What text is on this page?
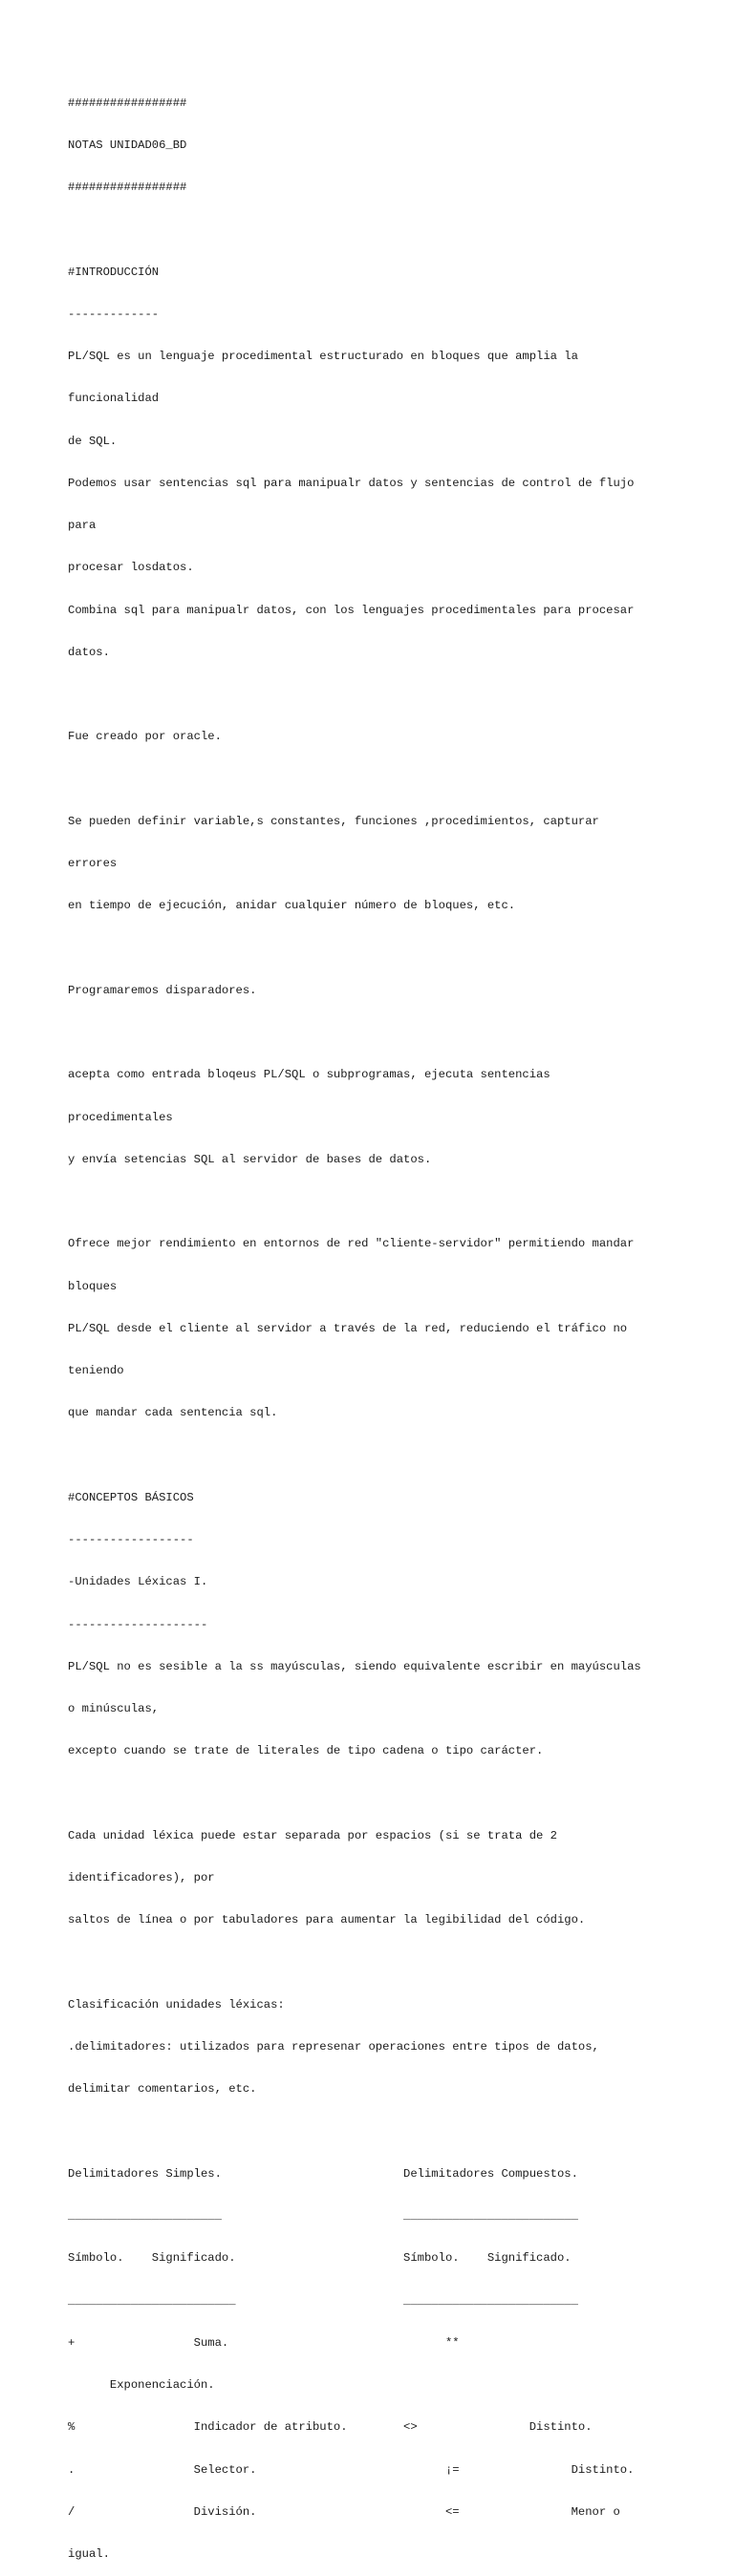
#################

NOTAS UNIDAD06_BD

#################

#INTRODUCCIÓN

-------------

PL/SQL es un lenguaje procedimental estructurado en bloques que amplia la

funcionalidad

de SQL.

Podemos usar sentencias sql para manipualr datos y sentencias de control de flujo

para

procesar losdatos.

Combina sql para manipualr datos, con los lenguajes procedimentales para procesar

datos.

Fue creado por oracle.

Se pueden definir variable,s constantes, funciones ,procedimientos, capturar

errores

en tiempo de ejecución, anidar cualquier número de bloques, etc.

Programaremos disparadores.

acepta como entrada bloqeus PL/SQL o subprogramas, ejecuta sentencias

procedimentales

y envía setencias SQL al servidor de bases de datos.

Ofrece mejor rendimiento en entornos de red "cliente-servidor" permitiendo mandar

bloques

PL/SQL desde el cliente al servidor a través de la red, reduciendo el tráfico no

teniendo

que mandar cada sentencia sql.

#CONCEPTOS BÁSICOS

------------------

-Unidades Léxicas I.

--------------------

PL/SQL no es sesible a la ss mayúsculas, siendo equivalente escribir en mayúsculas

o minúsculas,

excepto cuando se trate de literales de tipo cadena o tipo carácter.

Cada unidad léxica puede estar separada por espacios (si se trata de 2

identificadores), por

saltos de línea o por tabuladores para aumentar la legibilidad del código.

Clasificación unidades léxicas:

.delimitadores: utilizados para represenar operaciones entre tipos de datos,

delimitar comentarios, etc.

Delimitadores Simples.                          Delimitadores Compuestos.

______________________                          _________________________

Símbolo.    Significado.                        Símbolo.    Significado.

________________________                        _________________________

+                 Suma.                               **

Exponenciación.

%                 Indicador de atributo.        <>                Distinto.

.                 Selector.                           ¡=                Distinto.

/                 División.                           <=                Menor o

igual.
